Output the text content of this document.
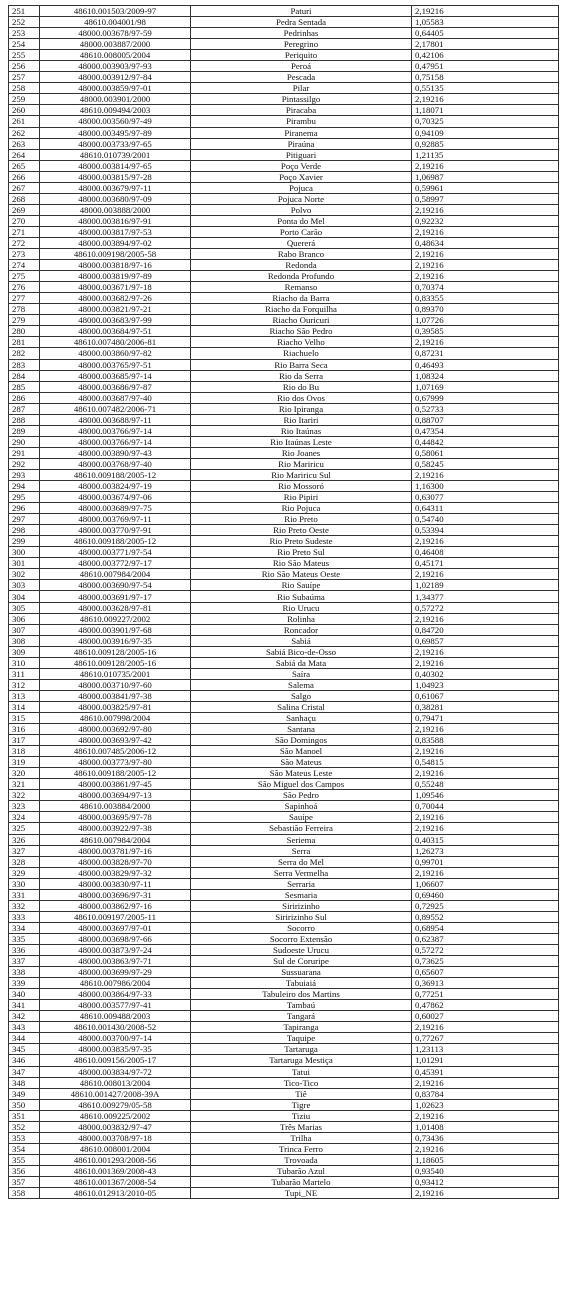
251	48610.001503/2009-97	Paturi	2,19216
252	48610.004001/98	Pedra Sentada	1,05583
253	48000.003678/97-59	Pedrinhas	0,64405
254	48000.003887/2000	Peregrino	2,17801
255	48610.008005/2004	Periquito	0,42106
256	48000.003903/97-93	Peroá	0,47951
257	48000.003912/97-84	Pescada	0,75158
258	48000.003859/97-01	Pilar	0,55135
259	48000.003901/2000	Pintassilgo	2,19216
260	48610.009494/2003	Piracaba	1,18071
261	48000.003560/97-49	Pirambu	0,70325
262	48000.003495/97-89	Piranema	0,94109
263	48000.003733/97-65	Piraúna	0,92885
264	48610.010739/2001	Pitiguari	1,21135
265	48000.003814/97-65	Poço Verde	2,19216
266	48000.003815/97-28	Poço Xavier	1,06987
267	48000.003679/97-11	Pojuca	0,59961
268	48000.003680/97-09	Pojuca Norte	0,58997
269	48000.003888/2000	Polvo	2,19216
270	48000.003816/97-91	Ponta do Mel	0,92232
271	48000.003817/97-53	Porto Carão	2,19216
272	48000.003894/97-02	Quererá	0,48634
273	48610.009198/2005-58	Rabo Branco	2,19216
274	48000.003818/97-16	Redonda	2,19216
275	48000.003819/97-89	Redonda Profundo	2,19216
276	48000.003671/97-18	Remanso	0,70374
277	48000.003682/97-26	Riacho da Barra	0,83355
278	48000.003821/97-21	Riacho da Forquilha	0,89370
279	48000.003683/97-99	Riacho Ouricuri	1,07726
280	48000.003684/97-51	Riacho São Pedro	0,39585
281	48610.007480/2006-81	Riacho Velho	2,19216
282	48000.003860/97-82	Riachuelo	0,87231
283	48000.003765/97-51	Rio Barra Seca	0,46493
284	48000.003685/97-14	Rio da Serra	1,08324
285	48000.003686/97-87	Rio do Bu	1,07169
286	48000.003687/97-40	Rio dos Ovos	0,67999
287	48610.007482/2006-71	Rio Ipiranga	0,52733
288	48000.003688/97-11	Rio Itariri	0,88707
289	48000.003766/97-14	Rio Itaúnas	0,47354
290	48000.003766/97-14	Rio Itaúnas Leste	0,44842
291	48000.003890/97-43	Rio Joanes	0,58061
292	48000.003768/97-40	Rio Mariricu	0,58245
293	48610.009188/2005-12	Rio Mariricu Sul	2,19216
294	48000.003824/97-19	Rio Mossoró	1,16300
295	48000.003674/97-06	Rio Pipiri	0,63077
296	48000.003689/97-75	Rio Pojuca	0,64311
297	48000.003769/97-11	Rio Preto	0,54740
298	48000.003770/97-91	Rio Preto Oeste	0,53394
299	48610.009188/2005-12	Rio Preto Sudeste	2,19216
300	48000.003771/97-54	Rio Preto Sul	0,46408
301	48000.003772/97-17	Rio São Mateus	0,45171
302	48610.007984/2004	Rio São Mateus Oeste	2,19216
303	48000.003690/97-54	Rio Sauípe	1,02189
304	48000.003691/97-17	Rio Subaúma	1,34377
305	48000.003628/97-81	Rio Urucu	0,57272
306	48610.009227/2002	Rolinha	2,19216
307	48000.003901/97-68	Roncador	0,84720
308	48000.003916/97-35	Sabiá	0,69857
309	48610.009128/2005-16	Sabiá Bico-de-Osso	2,19216
310	48610.009128/2005-16	Sabiá da Mata	2,19216
311	48610.010735/2001	Saíra	0,40302
312	48000.003710/97-60	Salema	1,04923
313	48000.003841/97-38	Salgo	0,61067
314	48000.003825/97-81	Salina Cristal	0,38281
315	48610.007998/2004	Sanhaçu	0,79471
316	48000.003692/97-80	Santana	2,19216
317	48000.003693/97-42	São Domingos	0,83588
318	48610.007485/2006-12	São Manoel	2,19216
319	48000.003773/97-80	São Mateus	0,54815
320	48610.009188/2005-12	São Mateus Leste	2,19216
321	48000.003861/97-45	São Miguel dos Campos	0,55248
322	48000.003694/97-13	São Pedro	1,09546
323	48610.003884/2000	Sapinhoá	0,70044
324	48000.003695/97-78	Sauípe	2,19216
325	48000.003922/97-38	Sebastião Ferreira	2,19216
326	48610.007984/2004	Seriema	0,40315
327	48000.003781/97-16	Serra	1,26273
328	48000.003828/97-70	Serra do Mel	0,99701
329	48000.003829/97-32	Serra Vermelha	2,19216
330	48000.003830/97-11	Serraria	1,06607
331	48000.003696/97-31	Sesmaria	0,69460
332	48000.003862/97-16	Siririzinho	0,72925
333	48610.009197/2005-11	Siririzinho Sul	0,89552
334	48000.003697/97-01	Socorro	0,68954
335	48000.003698/97-66	Socorro Extensão	0,62387
336	48000.003873/97-24	Sudoeste Urucu	0,57272
337	48000.003863/97-71	Sul de Coruripe	0,73625
338	48000.003699/97-29	Sussuarana	0,65607
339	48610.007986/2004	Tabuiaiá	0,36913
340	48000.003864/97-33	Tabuleiro dos Martins	0,77251
341	48000.003577/97-41	Tambaú	0,47862
342	48610.009488/2003	Tangará	0,60027
343	48610.001430/2008-52	Tapiranga	2,19216
344	48000.003700/97-14	Taquipe	0,77267
345	48000.003835/97-35	Tartaruga	1,23113
346	48610.009156/2005-17	Tartaruga Mestiça	1,01291
347	48000.003834/97-72	Tatui	0,45391
348	48610.008013/2004	Tico-Tico	2,19216
349	48610.001427/2008-39A	Tiê	0,83784
350	48610.009279/05-58	Tigre	1,02623
351	48610.009225/2002	Tiziu	2,19216
352	48000.003832/97-47	Três Marias	1,01408
353	48000.003708/97-18	Trilha	0,73436
354	48610.008001/2004	Trinca Ferro	2,19216
355	48610.001293/2008-56	Trovoada	1,18605
356	48610.001369/2008-43	Tubarão Azul	0,93540
357	48610.001367/2008-54	Tubarão Martelo	0,93412
358	48610.012913/2010-05	Tupi_NE	2,19216
